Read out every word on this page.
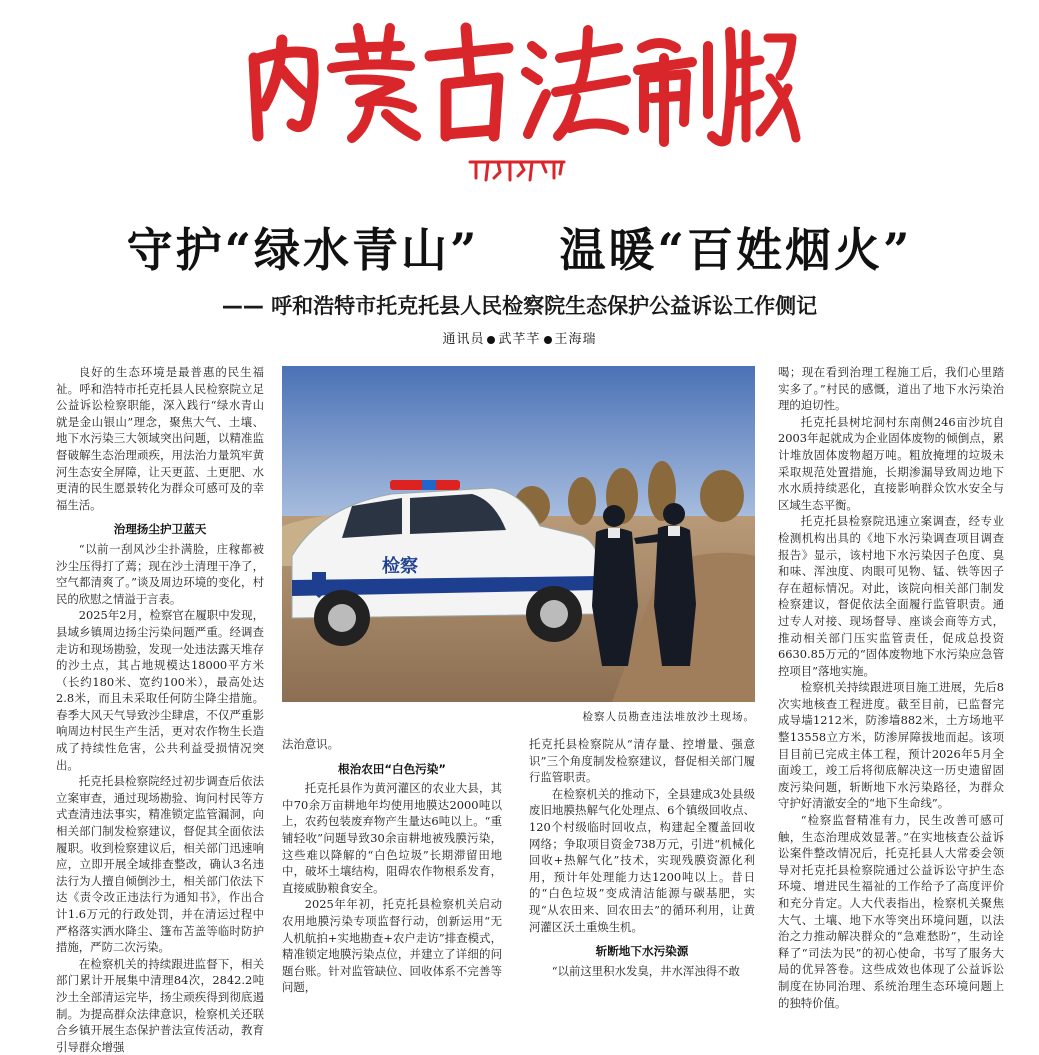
守护“绿水青山” 温暖“百姓烟火”
—— 呼和浩特市托克托县人民检察院生态保护公益诉讼工作侧记
通讯员 武芊芊 王海瑞

良好的生态环境是最普惠的民生福祉。呼和浩特市托克托县人民检察院立足公益诉讼检察职能，深入践行“绿水青山就是金山银山”理念，聚焦大气、土壤、地下水污染三大领域突出问题，以精准监督破解生态治理顽疾，用法治力量筑牢黄河生态安全屏障，让天更蓝、土更肥、水更清的民生愿景转化为群众可感可及的幸福生活。

治理扬尘护卫蓝天

“以前一刮风沙尘扑满脸，庄稼都被沙尘压得打了蔫；现在沙土清理干净了，空气都清爽了。”谈及周边环境的变化，村民的欣慰之情溢于言表。

2025年2月，检察官在履职中发现，县域乡镇周边扬尘污染问题严重。经调查走访和现场勘验，发现一处违法露天堆存的沙土点，其占地规模达18000平方米（长约180米、宽约100米），最高处达2.8米，而且未采取任何防尘降尘措施。春季大风天气导致沙尘肆虐，不仅严重影响周边村民生产生活，更对农作物生长造成了持续性危害，公共利益受损情况突出。

托克托县检察院经过初步调查后依法立案审查，通过现场勘验、询问村民等方式查清违法事实，精准锁定监管漏洞，向相关部门制发检察建议，督促其全面依法履职。收到检察建议后，相关部门迅速响应，立即开展全域排查整改，确认3名违法行为人擅自倾倒沙土，相关部门依法下达《责令改正违法行为通知书》，作出合计1.6万元的行政处罚，并在清运过程中严格落实洒水降尘、篷布苫盖等临时防护措施，严防二次污染。

在检察机关的持续跟进监督下，相关部门累计开展集中清理84次，2842.2吨沙土全部清运完毕，扬尘顽疾得到彻底遏制。为提高群众法律意识，检察机关还联合乡镇开展生态保护普法宣传活动，教育引导群众增强

检察
检察人员勘查违法堆放沙土现场。

法治意识。

根治农田“白色污染”

托克托县作为黄河灌区的农业大县，其中70余万亩耕地年均使用地膜达2000吨以上，农药包装废弃物产生量达6吨以上。“重铺轻收”问题导致30余亩耕地被残膜污染，这些难以降解的“白色垃圾”长期滞留田地中，破坏土壤结构，阻碍农作物根系发育，直接威胁粮食安全。

2025年年初，托克托县检察机关启动农用地膜污染专项监督行动，创新运用“无人机航拍+实地勘查+农户走访”排查模式，精准锁定地膜污染点位，并建立了详细的问题台账。针对监管缺位、回收体系不完善等问题，

托克托县检察院从“清存量、控增量、强意识”三个角度制发检察建议，督促相关部门履行监管职责。

在检察机关的推动下，全县建成3处县级废旧地膜热解气化处理点、6个镇级回收点、120个村级临时回收点，构建起全覆盖回收网络；争取项目资金738万元，引进“机械化回收+热解气化”技术，实现残膜资源化利用，预计年处理能力达1200吨以上。昔日的“白色垃圾”变成清洁能源与碳基肥，实现“从农田来、回农田去”的循环利用，让黄河灌区沃土重焕生机。

斩断地下水污染源

“以前这里积水发臭，井水浑浊得不敢

喝；现在看到治理工程施工后，我们心里踏实多了。”村民的感慨，道出了地下水污染治理的迫切性。

托克托县树坨洞村东南侧246亩沙坑自2003年起就成为企业固体废物的倾倒点，累计堆放固体废物超万吨。粗放掩埋的垃圾未采取规范处置措施，长期渗漏导致周边地下水水质持续恶化，直接影响群众饮水安全与区域生态平衡。

托克托县检察院迅速立案调查，经专业检测机构出具的《地下水污染调查项目调查报告》显示，该村地下水污染因子色度、臭和味、浑浊度、肉眼可见物、锰、铁等因子存在超标情况。对此，该院向相关部门制发检察建议，督促依法全面履行监管职责。通过专人对接、现场督导、座谈会商等方式，推动相关部门压实监管责任，促成总投资6630.85万元的“固体废物地下水污染应急管控项目”落地实施。

检察机关持续跟进项目施工进展，先后8次实地核查工程进度。截至目前，已监督完成导墙1212米，防渗墙882米，土方场地平整13558立方米，防渗屏障拔地而起。该项目目前已完成主体工程，预计2026年5月全面竣工，竣工后将彻底解决这一历史遗留固废污染问题，斩断地下水污染路径，为群众守护好清澈安全的“地下生命线”。

“检察监督精准有力，民生改善可感可触，生态治理成效显著。”在实地核查公益诉讼案件整改情况后，托克托县人大常委会领导对托克托县检察院通过公益诉讼守护生态环境、增进民生福祉的工作给予了高度评价和充分肯定。人大代表指出，检察机关聚焦大气、土壤、地下水等突出环境问题，以法治之力推动解决群众的“急难愁盼”，生动诠释了“司法为民”的初心使命，书写了服务大局的优异答卷。这些成效也体现了公益诉讼制度在协同治理、系统治理生态环境问题上的独特价值。
